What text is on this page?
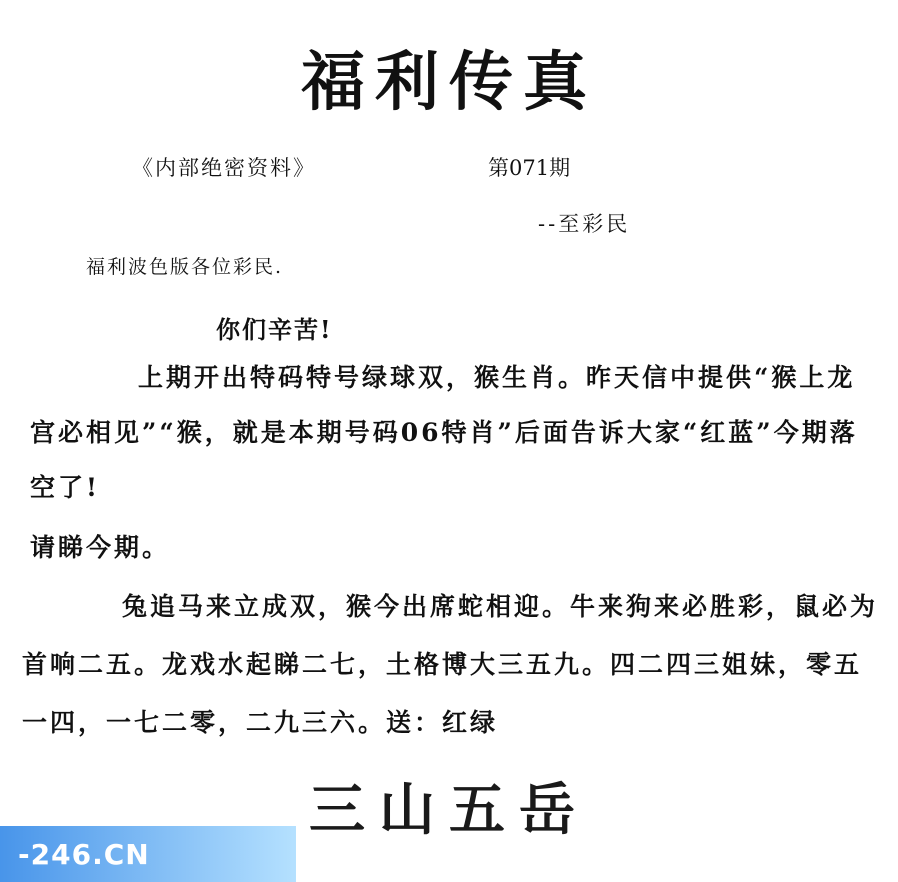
福利传真
《内部绝密资料》	第071期
--至彩民
福利波色版各位彩民.
你们辛苦!
上期开出特码特号绿球双，猴生肖。昨天信中提供“猴上龙宫必相见”“猴，就是本期号码06特肖”后面告诉大家“红蓝”今期落空了!
请睇今期。
兔追马来立成双，猴今出席蛇相迎。牛来狗来必胜彩，鼠必为首响二五。龙戏水起睇二七，土格博大三五九。四二四三姐妹，零五一四，一七二零，二九三六。送：红绿
三山五岳
-246.CN
